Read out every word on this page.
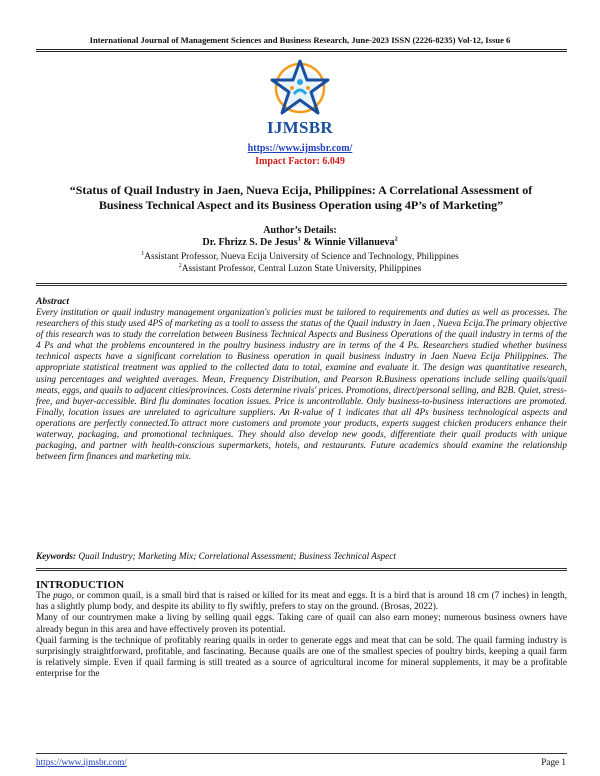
International Journal of Management Sciences and Business Research, June-2023 ISSN (2226-8235) Vol-12, Issue 6
IJMSBR
https://www.ijmsbr.com/
Impact Factor: 6.049
“Status of Quail Industry in Jaen, Nueva Ecija, Philippines: A Correlational Assessment of Business Technical Aspect and its Business Operation using 4P’s of Marketing”
Author’s Details:
Dr. Fhrizz S. De Jesus$^1$ & Winnie Villanueva$^2$
$^1$Assistant Professor, Nueva Ecija University of Science and Technology, Philippines
$^2$Assistant Professor, Central Luzon State University, Philippines
Abstract
Every institution or quail industry management organization's policies must be tailored to requirements and duties as well as processes. The researchers of this study used 4PS of marketing as a tooll to assess the status of the Quail industry in Jaen , Nueva Ecija.The primary objective of this research was to study the correlation between Business Technical Aspects and Business Operations of the quail industry in terms of the 4 Ps and what the problems encountered in the poultry business industry are in terms of the 4 Ps. Researchers studied whether business technical aspects have a significant correlation to Business operation in quail business industry in Jaen Nueva Ecija Philippines. The appropriate statistical treatment was applied to the collected data to total, examine and evaluate it. The design was quantitative research, using percentages and weighted averages. Mean, Frequency Distribution, and Pearson R.Business operations include selling quails/quail meats, eggs, and quails to adjacent cities/provinces. Costs determine rivals' prices. Promotions, direct/personal selling, and B2B. Quiet, stress-free, and buyer-accessible. Bird flu dominates location issues. Price is uncontrollable. Only business-to-business interactions are promoted. Finally, location issues are unrelated to agriculture suppliers. An R-value of 1 indicates that all 4Ps business technological aspects and operations are perfectly connected.To attract more customers and promote your products, experts suggest chicken producers enhance their waterway, packaging, and promotional techniques. They should also develop new goods, differentiate their quail products with unique packaging, and partner with health-conscious supermarkets, hotels, and restaurants. Future academics should examine the relationship between firm finances and marketing mix.
Keywords: Quail Industry; Marketing Mix; Correlational Assessment; Business Technical Aspect
INTRODUCTION

The pugo, or common quail, is a small bird that is raised or killed for its meat and eggs. It is a bird that is around 18 cm (7 inches) in length, has a slightly plump body, and despite its ability to fly swiftly, prefers to stay on the ground. (Brosas, 2022).

Many of our countrymen make a living by selling quail eggs. Taking care of quail can also earn money; numerous business owners have already begun in this area and have effectively proven its potential.

Quail farming is the technique of profitably rearing quails in order to generate eggs and meat that can be sold. The quail farming industry is surprisingly straightforward, profitable, and fascinating. Because quails are one of the smallest species of poultry birds, keeping a quail farm is relatively simple. Even if quail farming is still treated as a source of agricultural income for mineral supplements, it may be a profitable enterprise for the

https://www.ijmsbr.com/	Page 1
